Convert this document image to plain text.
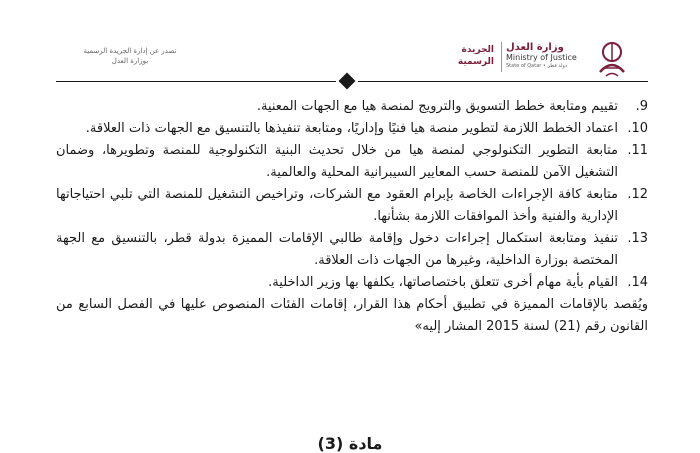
تصدر عن إدارة الجريدة الرسمية
بوزارة العدل
وزارة العدل
Ministry of Justice
State of Qatar • دولة قطر
الجريدة
الرسمية
.9
تقييم ومتابعة خطط التسويق والترويج لمنصة هيا مع الجهات المعنية.
.10
اعتماد الخطط اللازمة لتطوير منصة هيا فنيًا وإداريًا، ومتابعة تنفيذها بالتنسيق مع الجهات ذات العلاقة.
.11
متابعة التطوير التكنولوجي لمنصة هيا من خلال تحديث البنية التكنولوجية للمنصة وتطويرها، وضمان التشغيل الآمن للمنصة حسب المعايير السيبرانية المحلية والعالمية.
.12
متابعة كافة الإجراءات الخاصة بإبرام العقود مع الشركات، وتراخيص التشغيل للمنصة التي تلبي احتياجاتها الإدارية والفنية وأخذ الموافقات اللازمة بشأنها.
.13
تنفيذ ومتابعة استكمال إجراءات دخول وإقامة طالبي الإقامات المميزة بدولة قطر، بالتنسيق مع الجهة المختصة بوزارة الداخلية، وغيرها من الجهات ذات العلاقة.
.14
القيام بأية مهام أخرى تتعلق باختصاصاتها، يكلفها بها وزير الداخلية.
ويُقصد بالإقامات المميزة في تطبيق أحكام هذا القرار، إقامات الفئات المنصوص عليها في الفصل السابع من القانون رقم (21) لسنة 2015 المشار إليه»
مادة (3)
